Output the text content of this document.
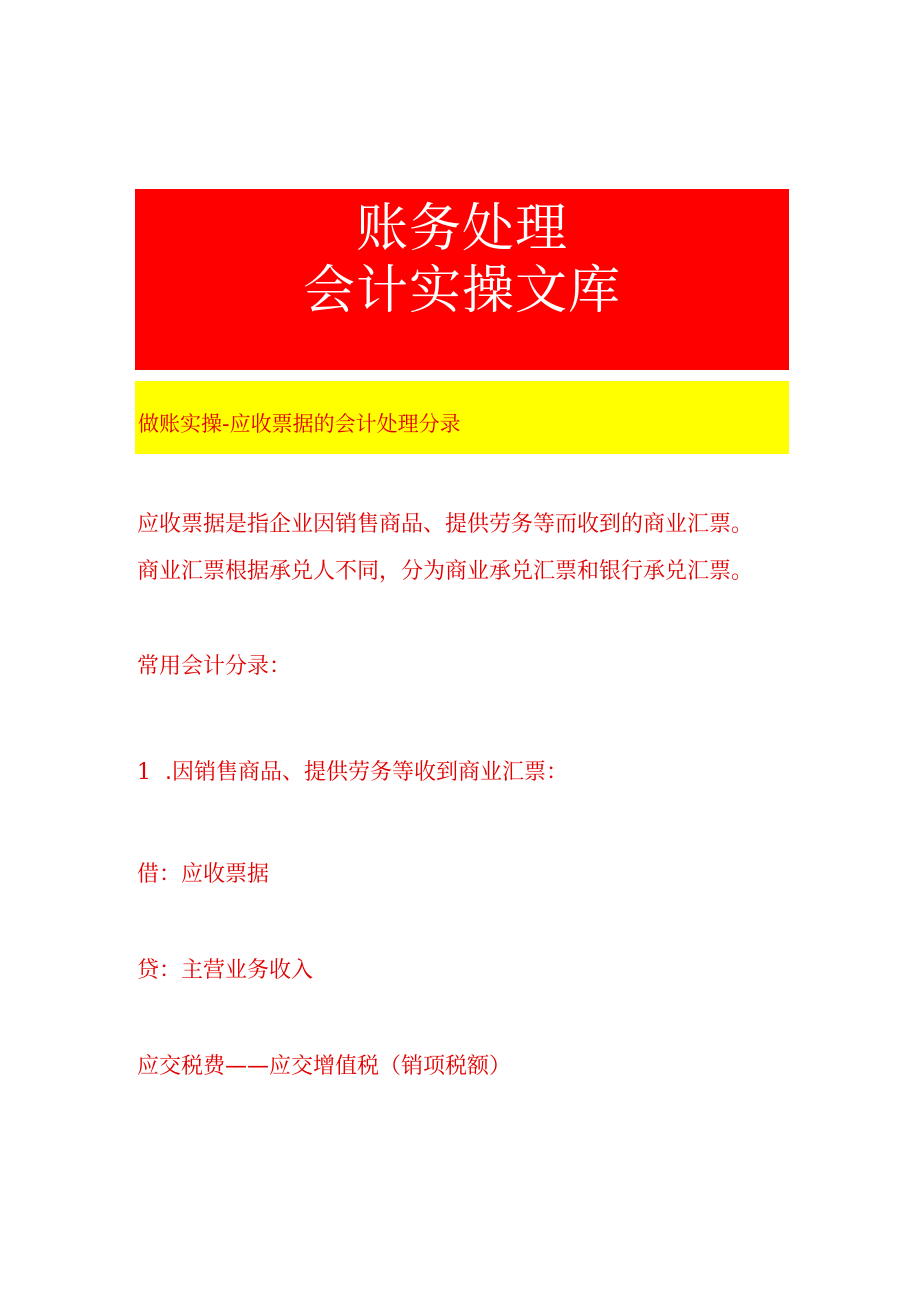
账务处理
会计实操文库
做账实操-应收票据的会计处理分录
应收票据是指企业因销售商品、提供劳务等而收到的商业汇票。
商业汇票根据承兑人不同，分为商业承兑汇票和银行承兑汇票。
常用会计分录：
1 .因销售商品、提供劳务等收到商业汇票：
借：应收票据
贷：主营业务收入
应交税费——应交增值税（销项税额）
